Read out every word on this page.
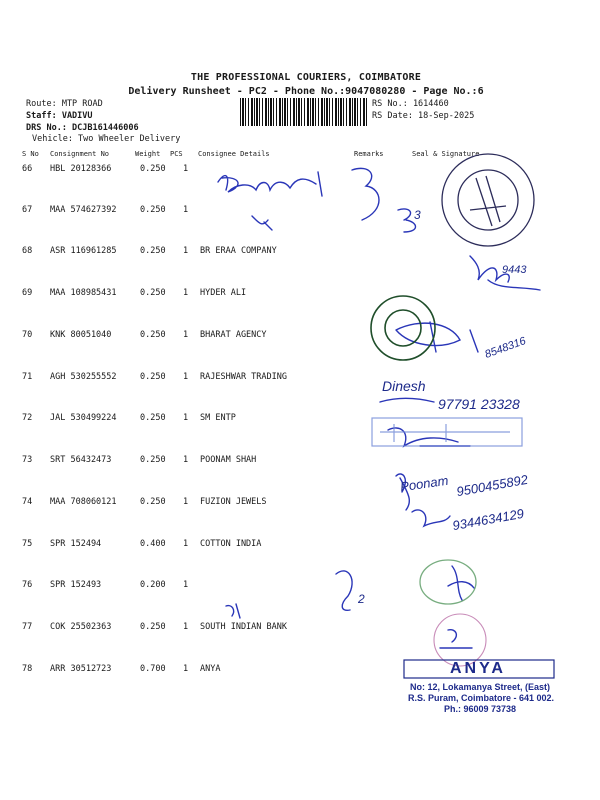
THE PROFESSIONAL COURIERS, COIMBATORE
Delivery Runsheet - PC2 - Phone No.:9047080280 - Page No.:6
Route: MTP ROAD
Staff: VADIVU
DRS No.: DCJB161446006
Vehicle: Two Wheeler Delivery
RS No.: 1614460
RS Date: 18-Sep-2025
S No Consignment No	Weight PCS Consignee Details	Remarks	Seal & Signature
66 HBL 20128366	0.250 1
67 MAA 574627392	0.250 1
68 ASR 116961285	0.250 1 BR ERAA COMPANY
69 MAA 108985431	0.250 1 HYDER ALI
70 KNK 80051040	0.250 1 BHARAT AGENCY
71 AGH 530255552	0.250 1 RAJESHWAR TRADING
72 JAL 530499224	0.250 1 SM ENTP
73 SRT 56432473	0.250 1 POONAM SHAH
74 MAA 708060121	0.250 1 FUZION JEWELS
75 SPR 152494	0.400 1 COTTON INDIA
76 SPR 152493	0.200 1
77 COK 25502363	0.250 1 SOUTH INDIAN BANK
78 ARR 30512723	0.700 1 ANYA
9443
8548316
Dinesh
97791 23328
Poonam 9500455892
9344634129
2
3
ANYA
No: 12, Lokamanya Street, (East)
R.S. Puram, Coimbatore - 641 002.
Ph.: 96009 73738
